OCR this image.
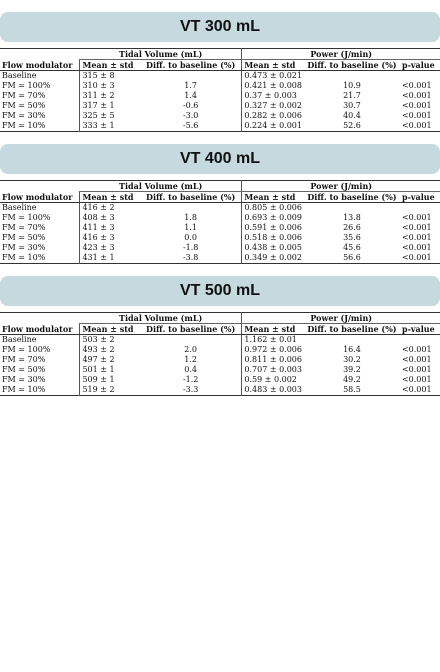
VT 300 mL
	Tidal Volume (mL)		Power (J/min)		
Flow modulator	Mean ± std	Diff. to baseline (%)	Mean ± std	Diff. to baseline (%)	p-value
Baseline	315 ± 8		0.473 ± 0.021		
FM = 100%	310 ± 3	1.7	0.421 ± 0.008	10.9	<0.001
FM = 70%	311 ± 2	1.4	0.37 ± 0.003	21.7	<0.001
FM = 50%	317 ± 1	-0.6	0.327 ± 0.002	30.7	<0.001
FM = 30%	325 ± 5	-3.0	0.282 ± 0.006	40.4	<0.001
FM = 10%	333 ± 1	-5.6	0.224 ± 0.001	52.6	<0.001
VT 400 mL
	Tidal Volume (mL)		Power (J/min)		
Flow modulator	Mean ± std	Diff. to baseline (%)	Mean ± std	Diff. to baseline (%)	p-value
Baseline	416 ± 2		0.805 ± 0.006		
FM = 100%	408 ± 3	1.8	0.693 ± 0.009	13.8	<0.001
FM = 70%	411 ± 3	1.1	0.591 ± 0.006	26.6	<0.001
FM = 50%	416 ± 3	0.0	0.518 ± 0.006	35.6	<0.001
FM = 30%	423 ± 3	-1.8	0.438 ± 0.005	45.6	<0.001
FM = 10%	431 ± 1	-3.8	0.349 ± 0.002	56.6	<0.001
VT 500 mL
	Tidal Volume (mL)		Power (J/min)		
Flow modulator	Mean ± std	Diff. to baseline (%)	Mean ± std	Diff. to baseline (%)	p-value
Baseline	503 ± 2		1.162 ± 0.01		
FM = 100%	493 ± 2	2.0	0.972 ± 0.006	16.4	<0.001
FM = 70%	497 ± 2	1.2	0.811 ± 0.006	30.2	<0.001
FM = 50%	501 ± 1	0.4	0.707 ± 0.003	39.2	<0.001
FM = 30%	509 ± 1	-1.2	0.59 ± 0.002	49.2	<0.001
FM = 10%	519 ± 2	-3.3	0.483 ± 0.003	58.5	<0.001
